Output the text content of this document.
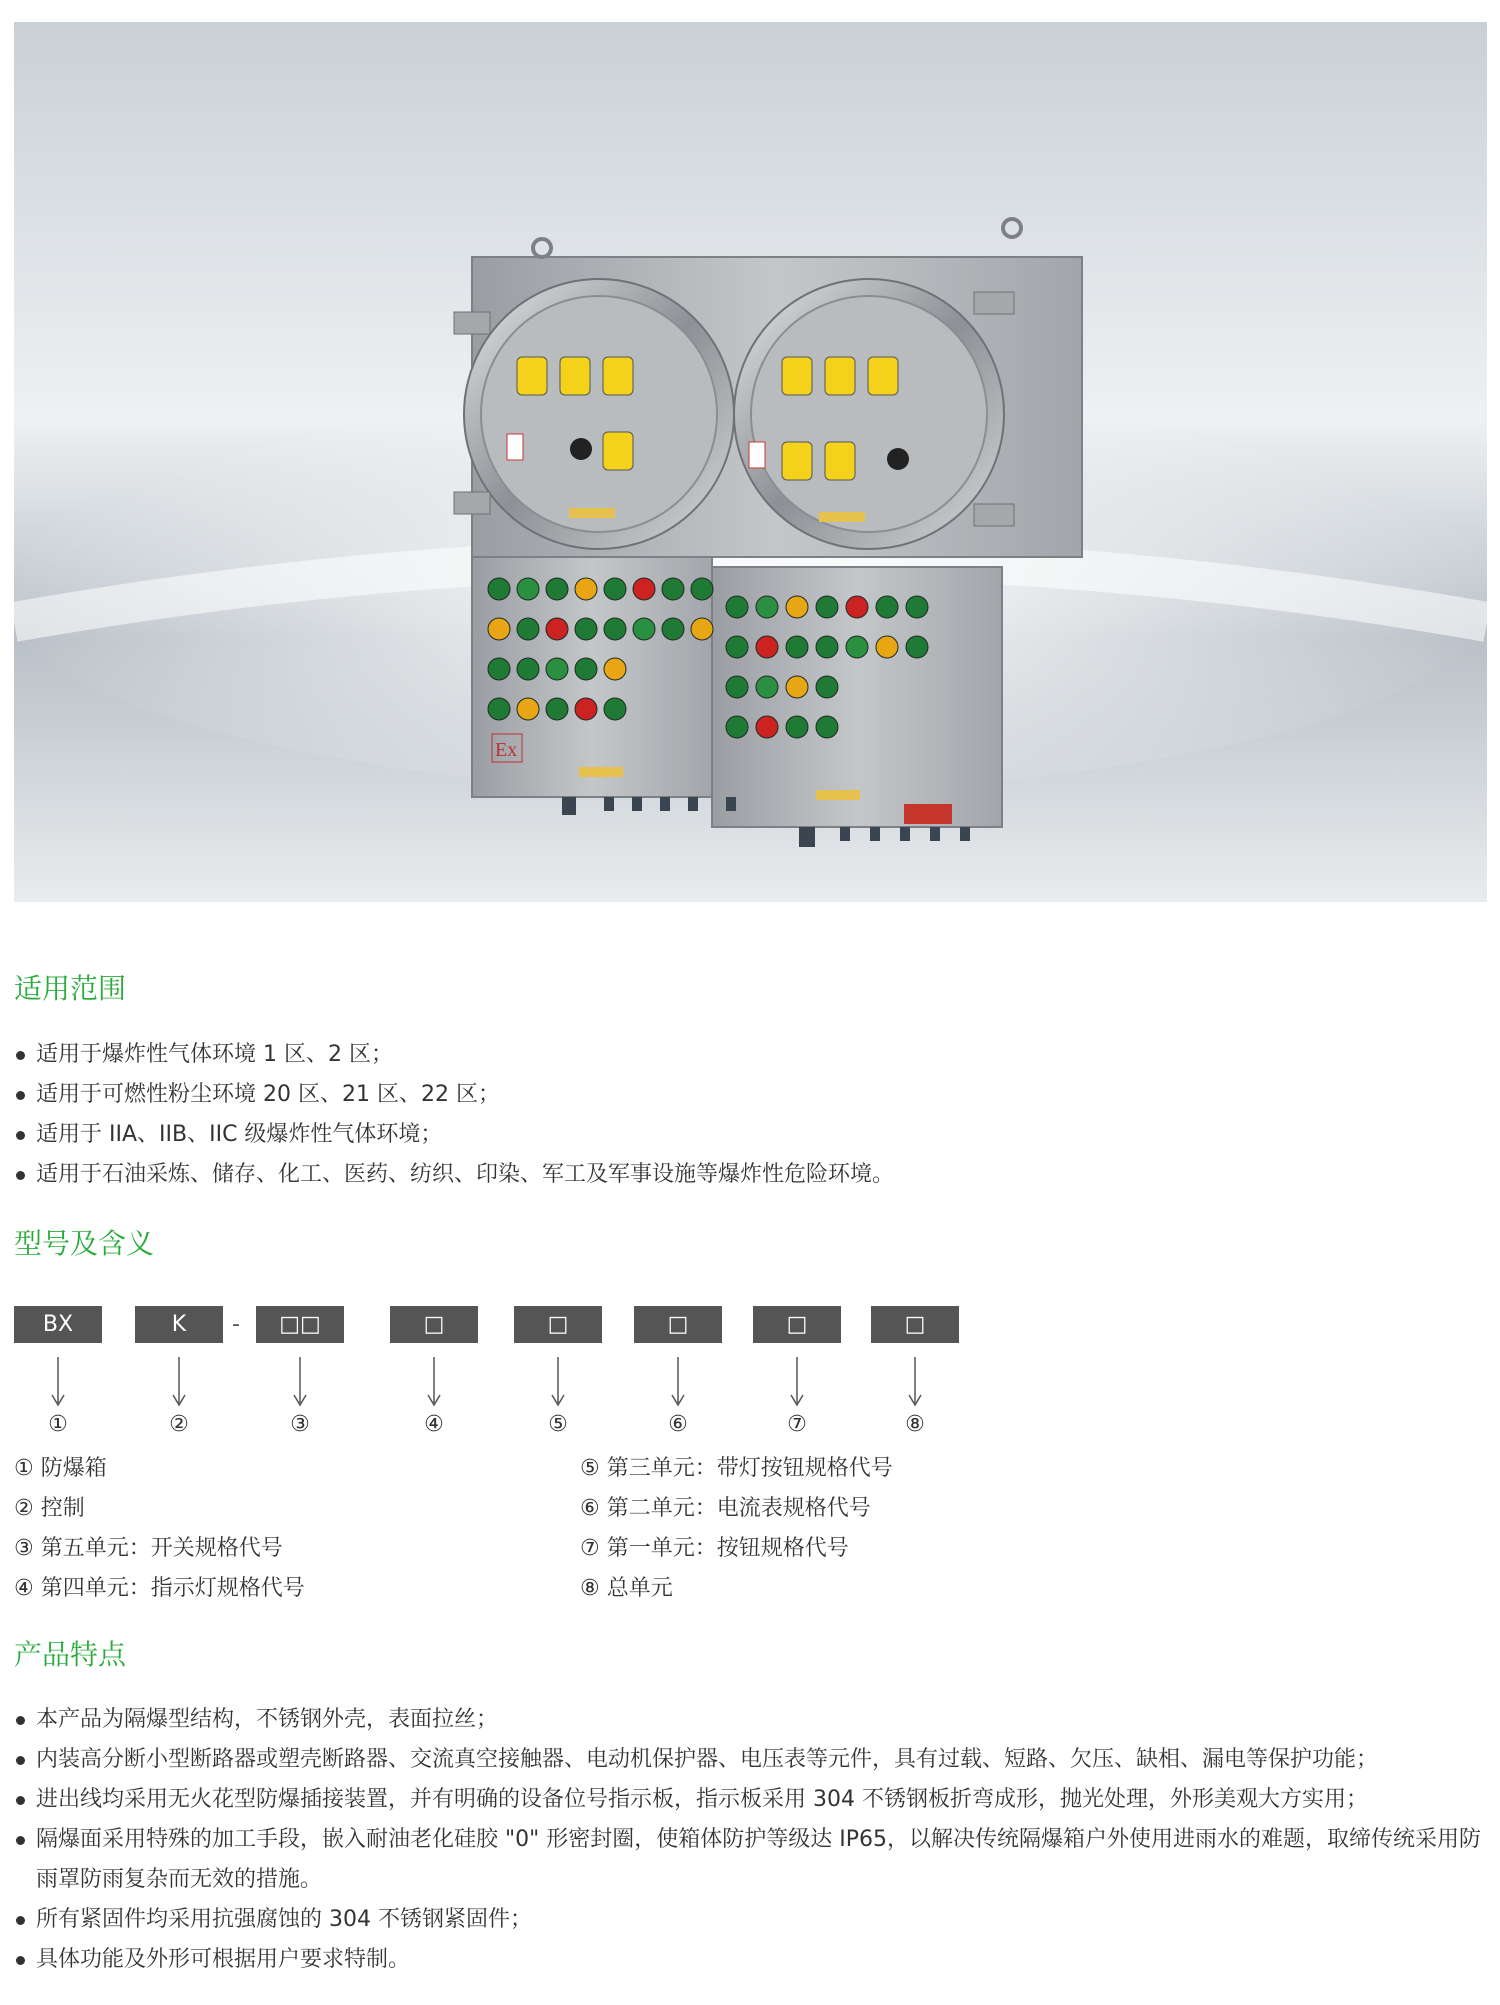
Ex
适用范围
适用于爆炸性气体环境 1 区、2 区；
适用于可燃性粉尘环境 20 区、21 区、22 区；
适用于 IIA、IIB、IIC 级爆炸性气体环境；
适用于石油采炼、储存、化工、医药、纺织、印染、军工及军事设施等爆炸性危险环境。
型号及含义
BX	K	-	□□	□	□	□	□	□
①	②	③	④	⑤	⑥	⑦	⑧
① 防爆箱
② 控制
③ 第五单元：开关规格代号
④ 第四单元：指示灯规格代号
⑤ 第三单元：带灯按钮规格代号
⑥ 第二单元：电流表规格代号
⑦ 第一单元：按钮规格代号
⑧ 总单元
产品特点
本产品为隔爆型结构，不锈钢外壳，表面拉丝；
内装高分断小型断路器或塑壳断路器、交流真空接触器、电动机保护器、电压表等元件，具有过载、短路、欠压、缺相、漏电等保护功能；
进出线均采用无火花型防爆插接装置，并有明确的设备位号指示板，指示板采用 304 不锈钢板折弯成形，抛光处理，外形美观大方实用；
隔爆面采用特殊的加工手段，嵌入耐油老化硅胶 "0" 形密封圈，使箱体防护等级达 IP65，以解决传统隔爆箱户外使用进雨水的难题，取缔传统采用防 雨罩防雨复杂而无效的措施。
所有紧固件均采用抗强腐蚀的 304 不锈钢紧固件；
具体功能及外形可根据用户要求特制。
